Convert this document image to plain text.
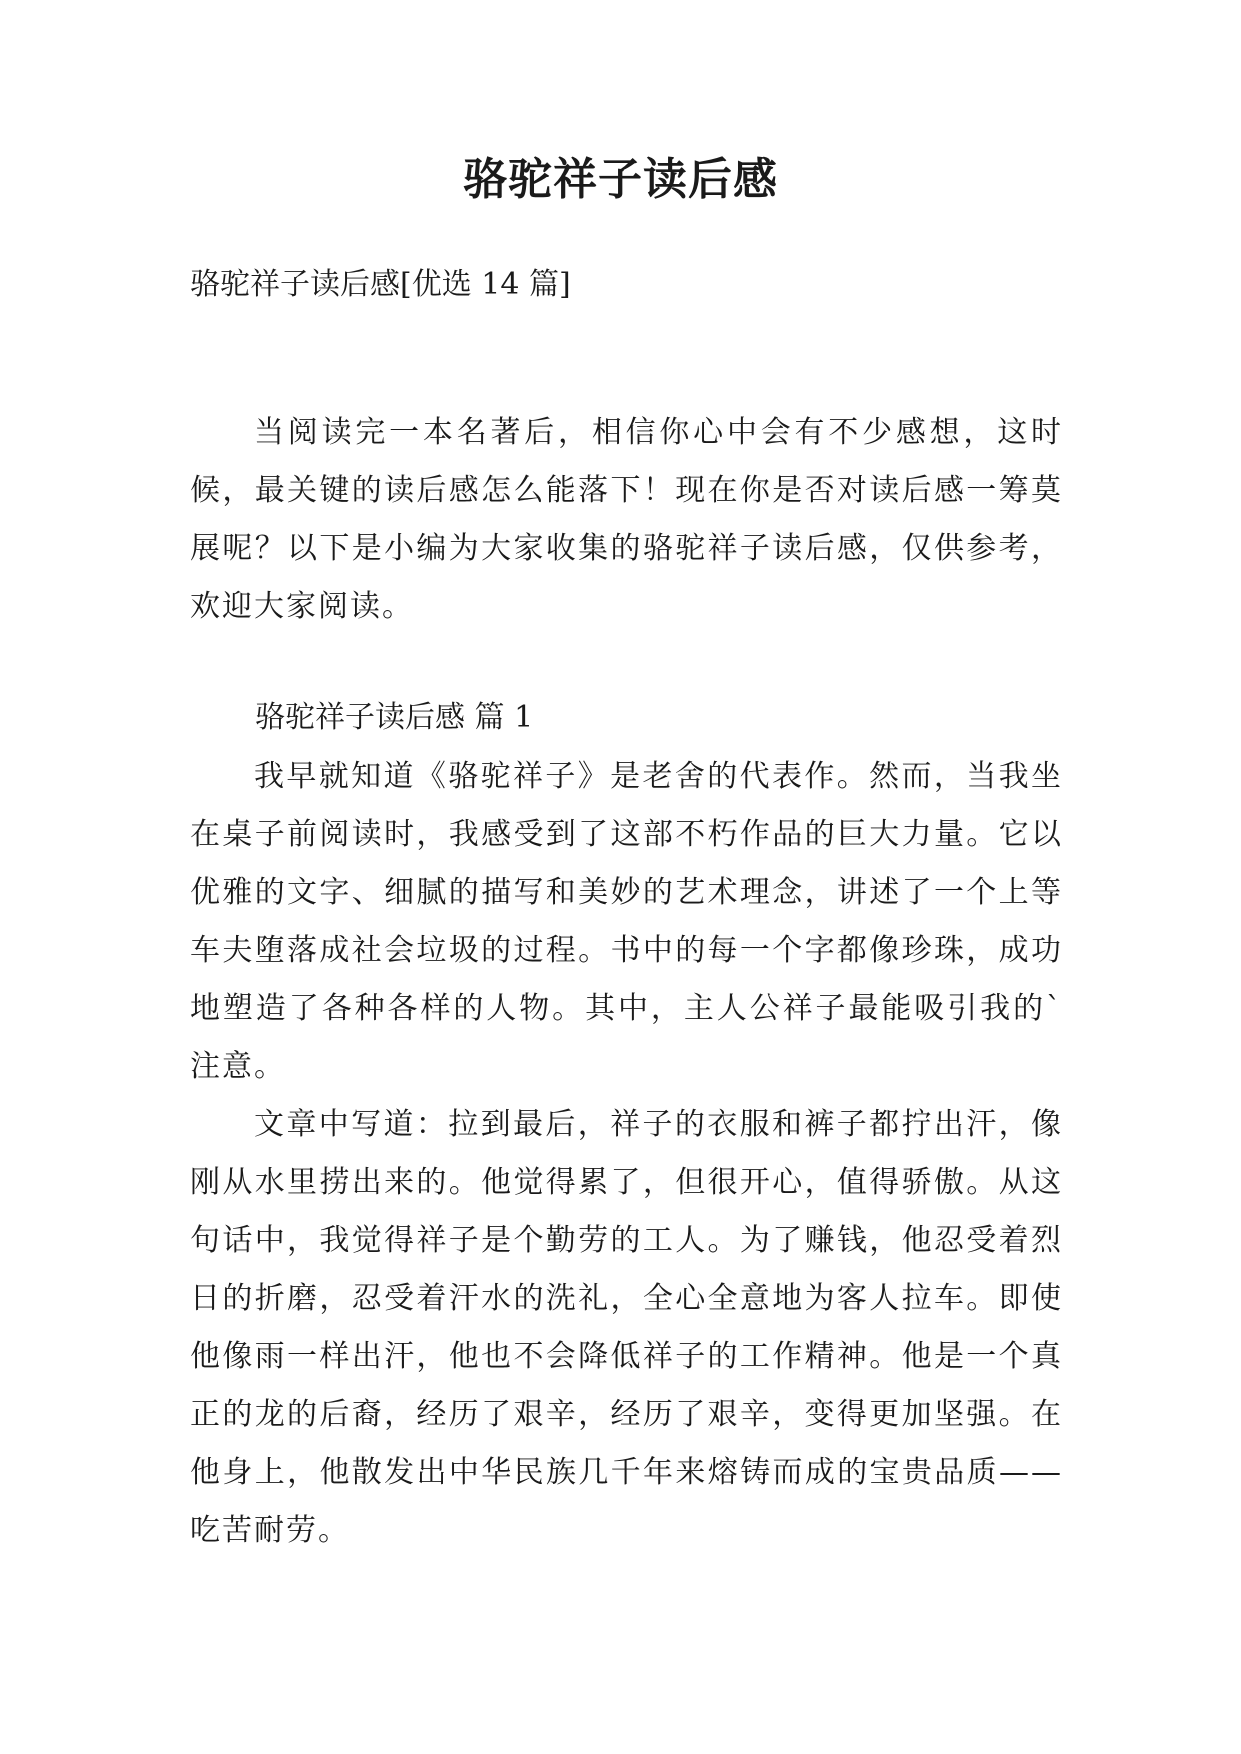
骆驼祥子读后感

骆驼祥子读后感[优选 14 篇]

当阅读完一本名著后，相信你心中会有不少感想，这时候，最关键的读后感怎么能落下！现在你是否对读后感一筹莫展呢？以下是小编为大家收集的骆驼祥子读后感，仅供参考，欢迎大家阅读。

骆驼祥子读后感 篇 1

我早就知道《骆驼祥子》是老舍的代表作。然而，当我坐在桌子前阅读时，我感受到了这部不朽作品的巨大力量。它以优雅的文字、细腻的描写和美妙的艺术理念，讲述了一个上等车夫堕落成社会垃圾的过程。书中的每一个字都像珍珠，成功地塑造了各种各样的人物。其中，主人公祥子最能吸引我的`注意。

文章中写道：拉到最后，祥子的衣服和裤子都拧出汗，像刚从水里捞出来的。他觉得累了，但很开心，值得骄傲。从这句话中，我觉得祥子是个勤劳的工人。为了赚钱，他忍受着烈日的折磨，忍受着汗水的洗礼，全心全意地为客人拉车。即使他像雨一样出汗，他也不会降低祥子的工作精神。他是一个真正的龙的后裔，经历了艰辛，经历了艰辛，变得更加坚强。在他身上，他散发出中华民族几千年来熔铸而成的宝贵品质——吃苦耐劳。
